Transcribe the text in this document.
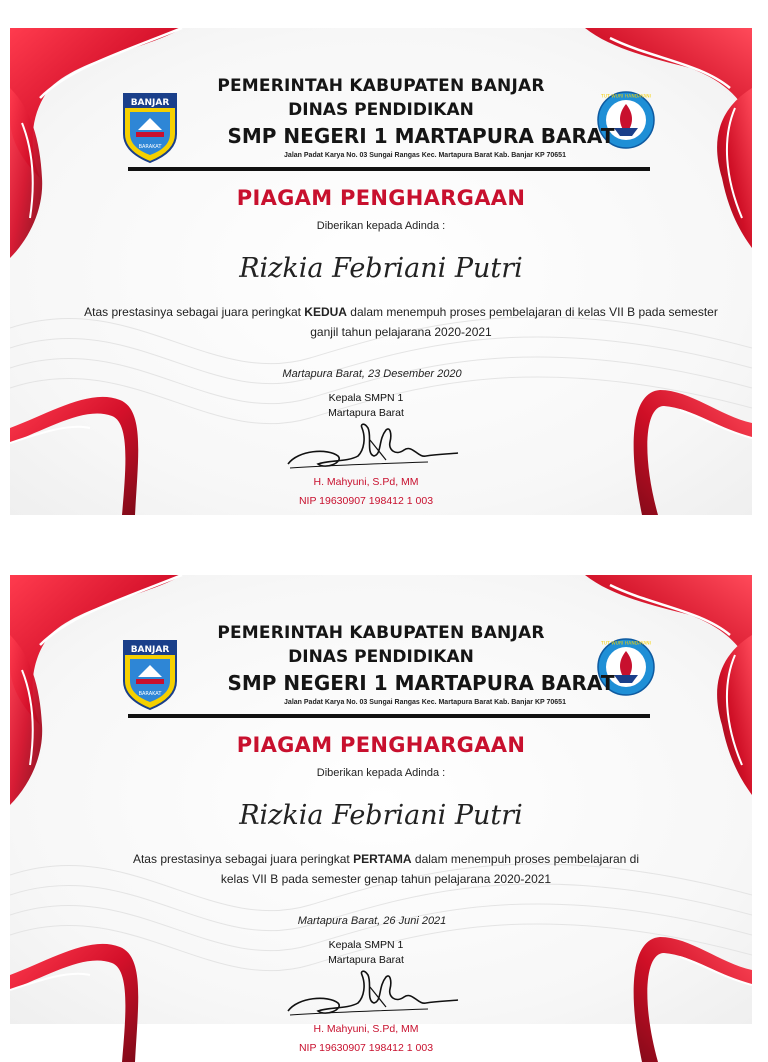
BANJAR
BARAKAT
TUT WURI HANDAYANI

PEMERINTAH KABUPATEN BANJAR

DINAS PENDIDIKAN

SMP NEGERI 1 MARTAPURA BARAT

Jalan Padat Karya No. 03 Sungai Rangas Kec. Martapura Barat Kab. Banjar KP 70651

PIAGAM PENGHARGAAN

Diberikan kepada Adinda :

Rizkia Febriani Putri

Atas prestasinya sebagai juara peringkat KEDUA dalam menempuh proses pembelajaran di kelas VII B pada semester ganjil tahun pelajarana 2020-2021

Martapura Barat, 23 Desember 2020

Kepala SMPN 1

Martapura Barat

H. Mahyuni, S.Pd, MM

NIP 19630907 198412 1 003

BANJAR
BARAKAT
TUT WURI HANDAYANI

PEMERINTAH KABUPATEN BANJAR

DINAS PENDIDIKAN

SMP NEGERI 1 MARTAPURA BARAT

Jalan Padat Karya No. 03 Sungai Rangas Kec. Martapura Barat Kab. Banjar KP 70651

PIAGAM PENGHARGAAN

Diberikan kepada Adinda :

Rizkia Febriani Putri

Atas prestasinya sebagai juara peringkat PERTAMA dalam menempuh proses pembelajaran di kelas VII B pada semester genap tahun pelajarana 2020-2021

Martapura Barat, 26 Juni 2021

Kepala SMPN 1

Martapura Barat

H. Mahyuni, S.Pd, MM

NIP 19630907 198412 1 003
